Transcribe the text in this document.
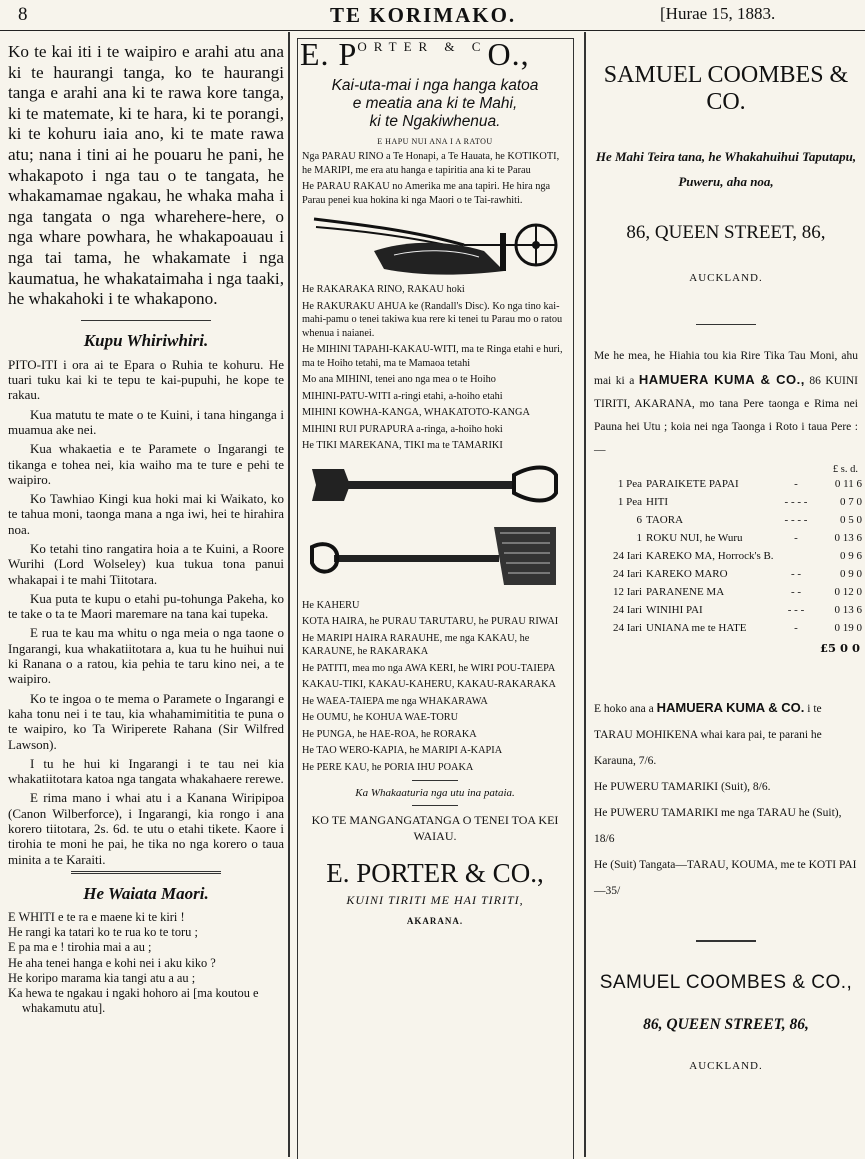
8	TE KORIMAKO.	[Hurae 15, 1883.

Ko te kai iti i te waipiro e arahi atu ana ki te haurangi tanga, ko te haurangi tanga e arahi ana ki te rawa kore tanga, ki te matemate, ki te hara, ki te porangi, ki te kohuru iaia ano, ki te mate rawa atu; nana i tini ai he pouaru he pani, he whakapoto i nga tau o te tangata, he whakamamae ngakau, he whaka maha i nga tangata o nga wharehere-here, o nga whare powhara, he whakapoauau i nga tai tama, he whakamate i nga kaumatua, he whakataimaha i nga taaki, he whakahoki i te whakapono.

Kupu Whiriwhiri.

PITO-ITI i ora ai te Epara o Ruhia te kohuru. He tuari tuku kai ki te tepu te kai-pupuhi, he kope te rakau.

Kua matutu te mate o te Kuini, i tana hinganga i muamua ake nei.

Kua whakaetia e te Paramete o Ingarangi te tikanga e tohea nei, kia waiho ma te ture e pehi te waipiro.

Ko Tawhiao Kingi kua hoki mai ki Waikato, ko te tahua moni, taonga mana a nga iwi, hei te hirahira noa.

Ko tetahi tino rangatira hoia a te Kuini, a Roore Wurihi (Lord Wolseley) kua tukua tona panui whakapai i te mahi Tiitotara.

Kua puta te kupu o etahi pu-tohunga Pakeha, ko te take o ta te Maori maremare na tana kai tupeka.

E rua te kau ma whitu o nga meia o nga taone o Ingarangi, kua whakatiitotara a, kua tu he huihui nui ki Ranana o a ratou, kia pehia te taru kino nei, a te waipiro.

Ko te ingoa o te mema o Paramete o Ingarangi e kaha tonu nei i te tau, kia whahamimititia te puna o te waipiro, ko Ta Wiriperete Rahana (Sir Wilfred Lawson).

I tu he hui ki Ingarangi i te tau nei kia whakatiitotara katoa nga tangata whakahaere rerewe.

E rima mano i whai atu i a Kanana Wiripipoa (Canon Wilberforce), i Ingarangi, kia rongo i ana korero tiitotara, 2s. 6d. te utu o etahi tikete. Kaore i tirohia te moni he pai, he tika no nga korero o taua minita a te Karaiti.

He Waiata Maori.
E WHITI e te ra e maene ki te kiri !
He rangi ka tatari ko te rua ko te toru ;
E pa ma e ! tirohia mai a au ;
He aha tenei hanga e kohi nei i aku kiko ?
He koripo marama kia tangi atu a au ;
Ka hewa te ngakau i ngaki hohoro ai [ma koutou e whakamutu atu].
E. $P^{ORTER \& C}O$.,
Kai-uta-mai i nga hanga katoa
e meatia ana ki te Mahi,
ki te Ngakiwhenua.
E HAPU NUI ANA I A RATOU
Nga PARAU RINO a Te Honapi, a Te Hauata, he KOTIKOTI, he MARIPI, me era atu hanga e tapiritia ana ki te Parau
He PARAU RAKAU no Amerika me ana tapiri. He hira nga Parau penei kua hokina ki nga Maori o te Tai-rawhiti.
He RAKARAKA RINO, RAKAU hoki
He RAKURAKU AHUA ke (Randall's Disc). Ko nga tino kai-mahi-pamu o tenei takiwa kua rere ki tenei tu Parau mo o ratou whenua i naianei.
He MIHINI TAPAHI-KAKAU-WITI, ma te Ringa etahi e huri, ma te Hoiho tetahi, ma te Mamaoa tetahi
Mo ana MIHINI, tenei ano nga mea o te Hoiho
MIHINI-PATU-WITI a-ringi etahi, a-hoiho etahi
MIHINI KOWHA-KANGA, WHAKATOTO-KANGA
MIHINI RUI PURAPURA a-ringa, a-hoiho hoki
He TIKI MAREKANA, TIKI ma te TAMARIKI
He KAHERU
KOTA HAIRA, he PURAU TARUTARU, he PURAU RIWAI
He MARIPI HAIRA RARAUHE, me nga KAKAU, he KARAUNE, he RAKARAKA
He PATITI, mea mo nga AWA KERI, he WIRI POU-TAIEPA
KAKAU-TIKI, KAKAU-KAHERU, KAKAU-RAKARAKA
He WAEA-TAIEPA me nga WHAKARAWA
He OUMU, he KOHUA WAE-TORU
He PUNGA, he HAE-ROA, he RORAKA
He TAO WERO-KAPIA, he MARIPI A-KAPIA
He PERE KAU, he PORIA IHU POAKA
Ka Whakaaturia nga utu ina pataia.
KO TE MANGANGATANGA O TENEI TOA KEI WAIAU.
E. PORTER & CO.,
KUINI TIRITI ME HAI TIRITI,
AKARANA.
SAMUEL COOMBES & CO.
He Mahi Teira tana, he Whakahuihui Taputapu, Puweru, aha noa,
86, QUEEN STREET, 86,
AUCKLAND.
Me he mea, he Hiahia tou kia Rire Tika Tau Moni, ahu mai ki a HAMUERA KUMA & CO., 86 KUINI TIRITI, AKARANA, mo tana Pere taonga e Rima nei Pauna hei Utu ; koia nei nga Taonga i Roto i taua Pere :—
£ s. d.
1 Pea	PARAIKETE PAPAI	-	0 11 6
1 Pea	HITI	- - - -	0 7 0
6	TAORA	- - - -	0 5 0
1	ROKU NUI, he Wuru	-	0 13 6
24 Iari	KAREKO MA, Horrock's B.		0 9 6
24 Iari	KAREKO MARO	- -	0 9 0
12 Iari	PARANENE MA	- -	0 12 0
24 Iari	WINIHI PAI	- - -	0 13 6
24 Iari	UNIANA me te HATE	-	0 19 0
£5 0 0
E hoko ana a HAMUERA KUMA & CO. i te TARAU MOHIKENA whai kara pai, te parani he Karauna, 7/6.
He PUWERU TAMARIKI (Suit), 8/6.
He PUWERU TAMARIKI me nga TARAU he (Suit), 18/6
He (Suit) Tangata—TARAU, KOUMA, me te KOTI PAI—35/
SAMUEL COOMBES & CO.,
86, QUEEN STREET, 86,
AUCKLAND.
